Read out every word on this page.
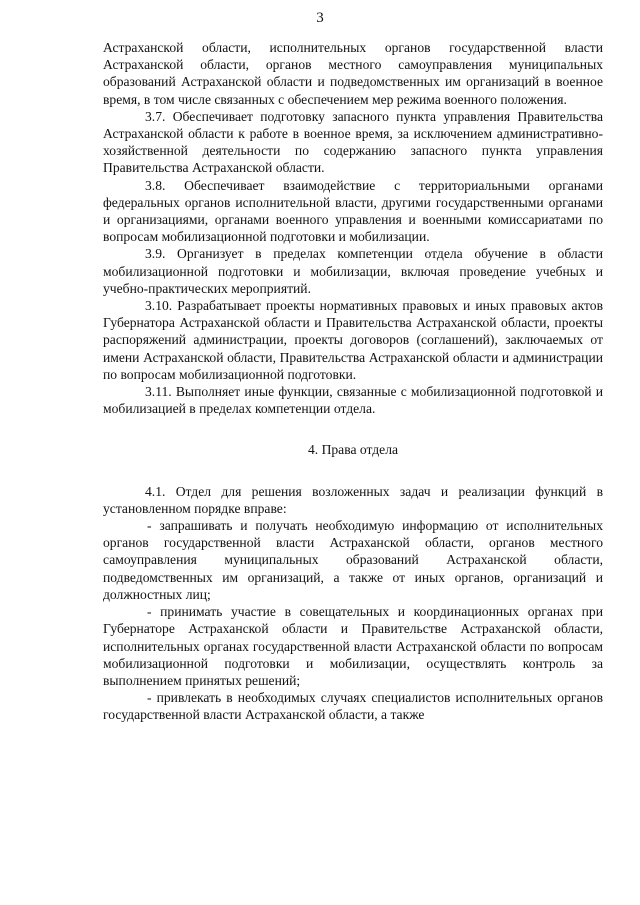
3

Астраханской области, исполнительных органов государственной власти Астраханской области, органов местного самоуправления муниципальных образований Астраханской области и подведомственных им организаций в военное время, в том числе связанных с обеспечением мер режима военного положения.

3.7. Обеспечивает подготовку запасного пункта управления Правительства Астраханской области к работе в военное время, за исключением административно-хозяйственной деятельности по содержанию запасного пункта управления Правительства Астраханской области.

3.8. Обеспечивает взаимодействие с территориальными органами федеральных органов исполнительной власти, другими государственными органами и организациями, органами военного управления и военными комиссариатами по вопросам мобилизационной подготовки и мобилизации.

3.9. Организует в пределах компетенции отдела обучение в области мобилизационной подготовки и мобилизации, включая проведение учебных и учебно-практических мероприятий.

3.10. Разрабатывает проекты нормативных правовых и иных правовых актов Губернатора Астраханской области и Правительства Астраханской области, проекты распоряжений администрации, проекты договоров (соглашений), заключаемых от имени Астраханской области, Правительства Астраханской области и администрации по вопросам мобилизационной подготовки.

3.11. Выполняет иные функции, связанные с мобилизационной подготовкой и мобилизацией в пределах компетенции отдела.

4. Права отдела

4.1. Отдел для решения возложенных задач и реализации функций в установленном порядке вправе:

- запрашивать и получать необходимую информацию от исполнительных органов государственной власти Астраханской области, органов местного самоуправления муниципальных образований Астраханской области, подведомственных им организаций, а также от иных органов, организаций и должностных лиц;

- принимать участие в совещательных и координационных органах при Губернаторе Астраханской области и Правительстве Астраханской области, исполнительных органах государственной власти Астраханской области по вопросам мобилизационной подготовки и мобилизации, осуществлять контроль за выполнением принятых решений;

- привлекать в необходимых случаях специалистов исполнительных органов государственной власти Астраханской области, а также
